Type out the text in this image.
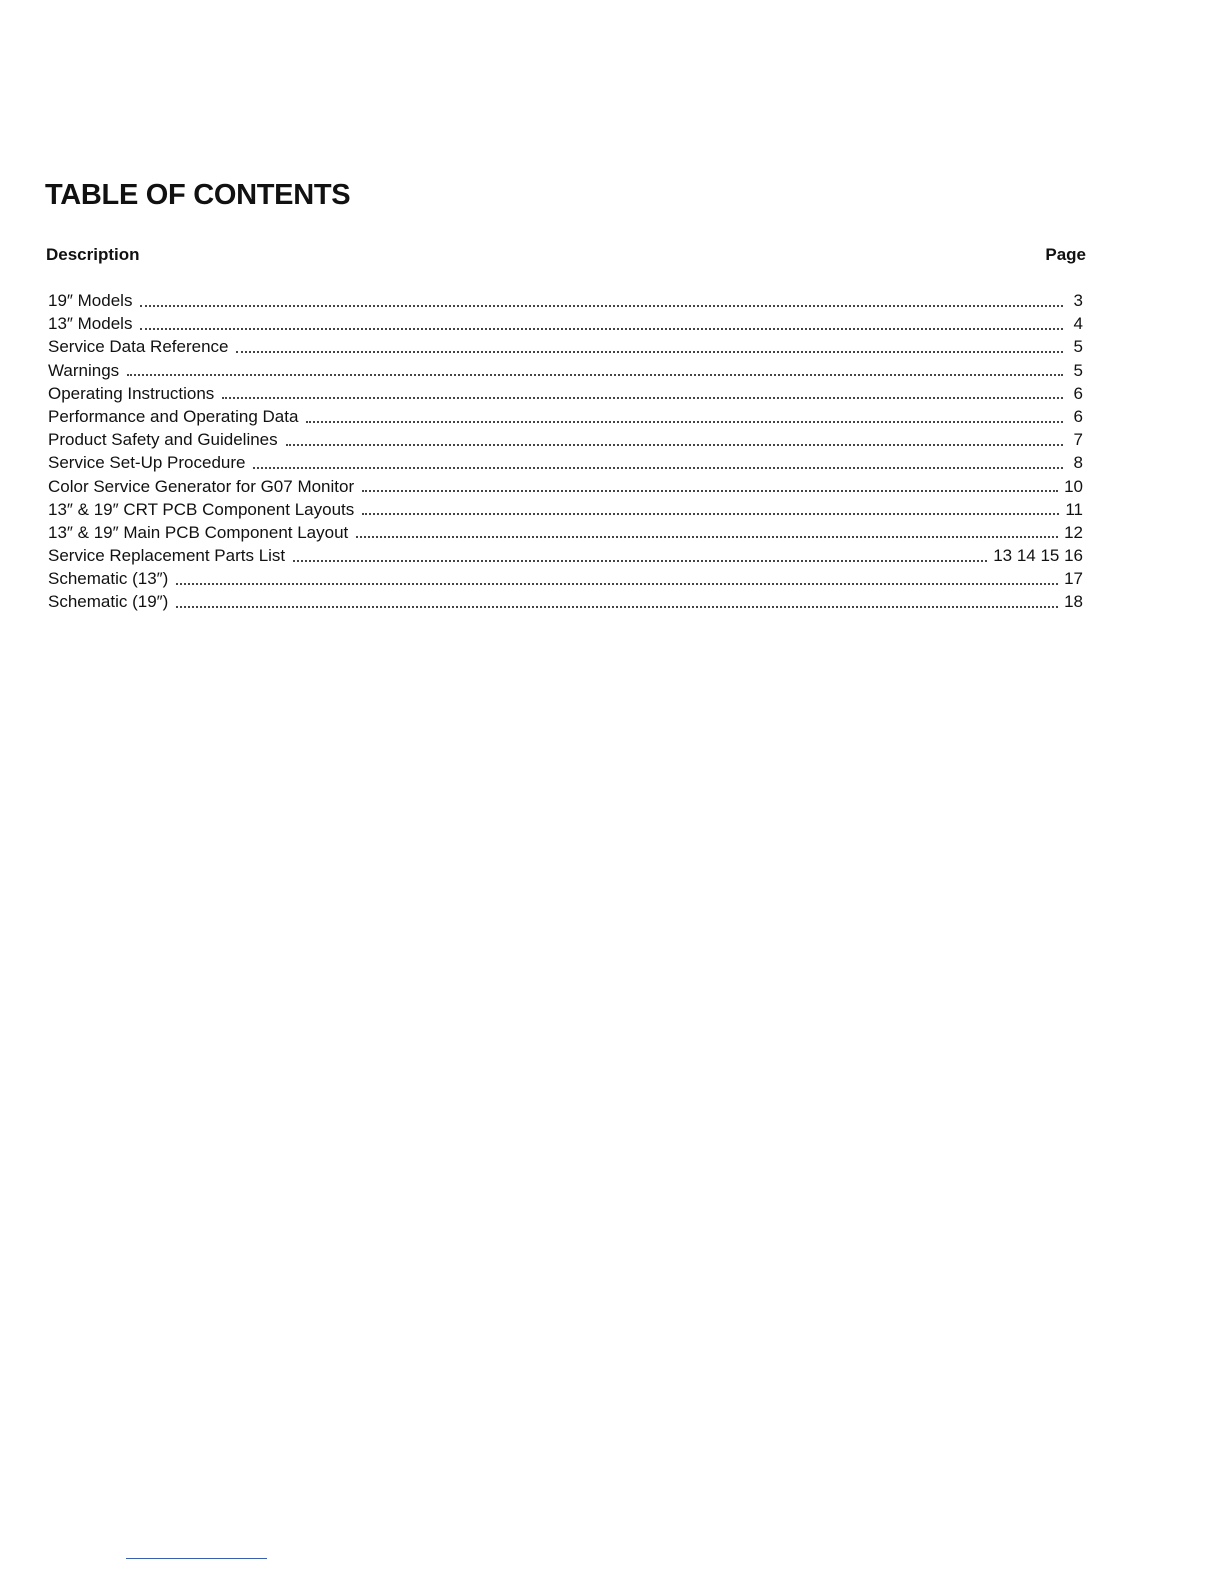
TABLE OF CONTENTS
Description	Page
19″ Models	3
13″ Models	4
Service Data Reference	5
Warnings	5
Operating Instructions	6
Performance and Operating Data	6
Product Safety and Guidelines	7
Service Set-Up Procedure	8
Color Service Generator for G07 Monitor	10
13″ & 19″ CRT PCB Component Layouts	11
13″ & 19″ Main PCB Component Layout	12
Service Replacement Parts List	13 14 15 16
Schematic (13″)	17
Schematic (19″)	18
